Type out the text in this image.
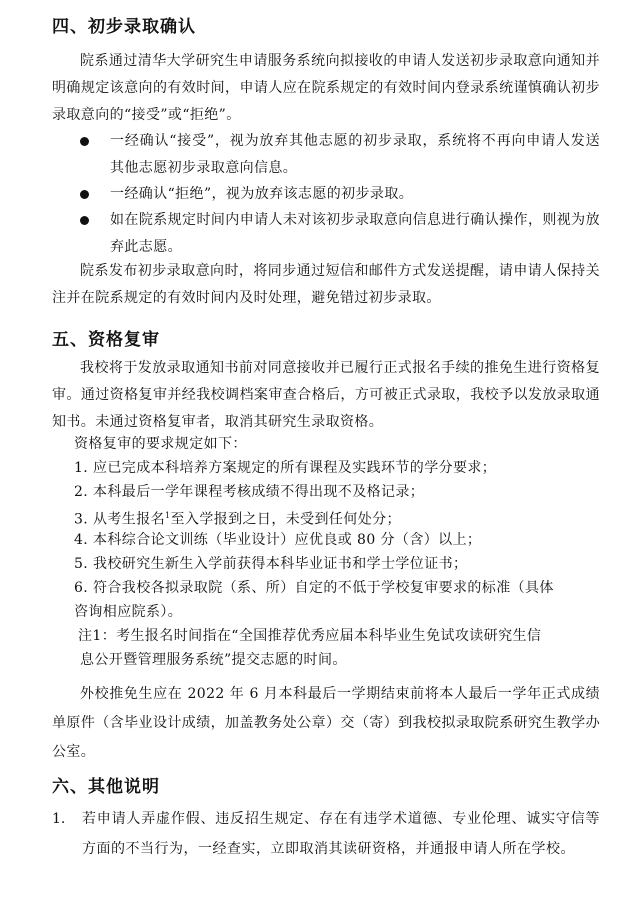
四、初步录取确认
院系通过清华大学研究生申请服务系统向拟接收的申请人发送初步录取意向通知并明确规定该意向的有效时间，申请人应在院系规定的有效时间内登录系统谨慎确认初步录取意向的“接受”或“拒绝”。
一经确认“接受”，视为放弃其他志愿的初步录取，系统将不再向申请人发送其他志愿初步录取意向信息。
一经确认“拒绝”，视为放弃该志愿的初步录取。
如在院系规定时间内申请人未对该初步录取意向信息进行确认操作，则视为放弃此志愿。
院系发布初步录取意向时，将同步通过短信和邮件方式发送提醒，请申请人保持关注并在院系规定的有效时间内及时处理，避免错过初步录取。
五、资格复审
我校将于发放录取通知书前对同意接收并已履行正式报名手续的推免生进行资格复审。通过资格复审并经我校调档案审查合格后，方可被正式录取，我校予以发放录取通知书。未通过资格复审者，取消其研究生录取资格。
资格复审的要求规定如下：
1. 应已完成本科培养方案规定的所有课程及实践环节的学分要求；
2. 本科最后一学年课程考核成绩不得出现不及格记录；
3. 从考生报名$^1$至入学报到之日，未受到任何处分；
4. 本科综合论文训练（毕业设计）应优良或 80 分（含）以上；
5. 我校研究生新生入学前获得本科毕业证书和学士学位证书；
6. 符合我校各拟录取院（系、所）自定的不低于学校复审要求的标准（具体
咨询相应院系）。
注1：考生报名时间指在“全国推荐优秀应届本科毕业生免试攻读研究生信
息公开暨管理服务系统”提交志愿的时间。
外校推免生应在 2022 年 6 月本科最后一学期结束前将本人最后一学年正式成绩单原件（含毕业设计成绩，加盖教务处公章）交（寄）到我校拟录取院系研究生教学办公室。
六、其他说明
1. 若申请人弄虚作假、违反招生规定、存在有违学术道德、专业伦理、诚实守信等方面的不当行为，一经查实，立即取消其读研资格，并通报申请人所在学校。
